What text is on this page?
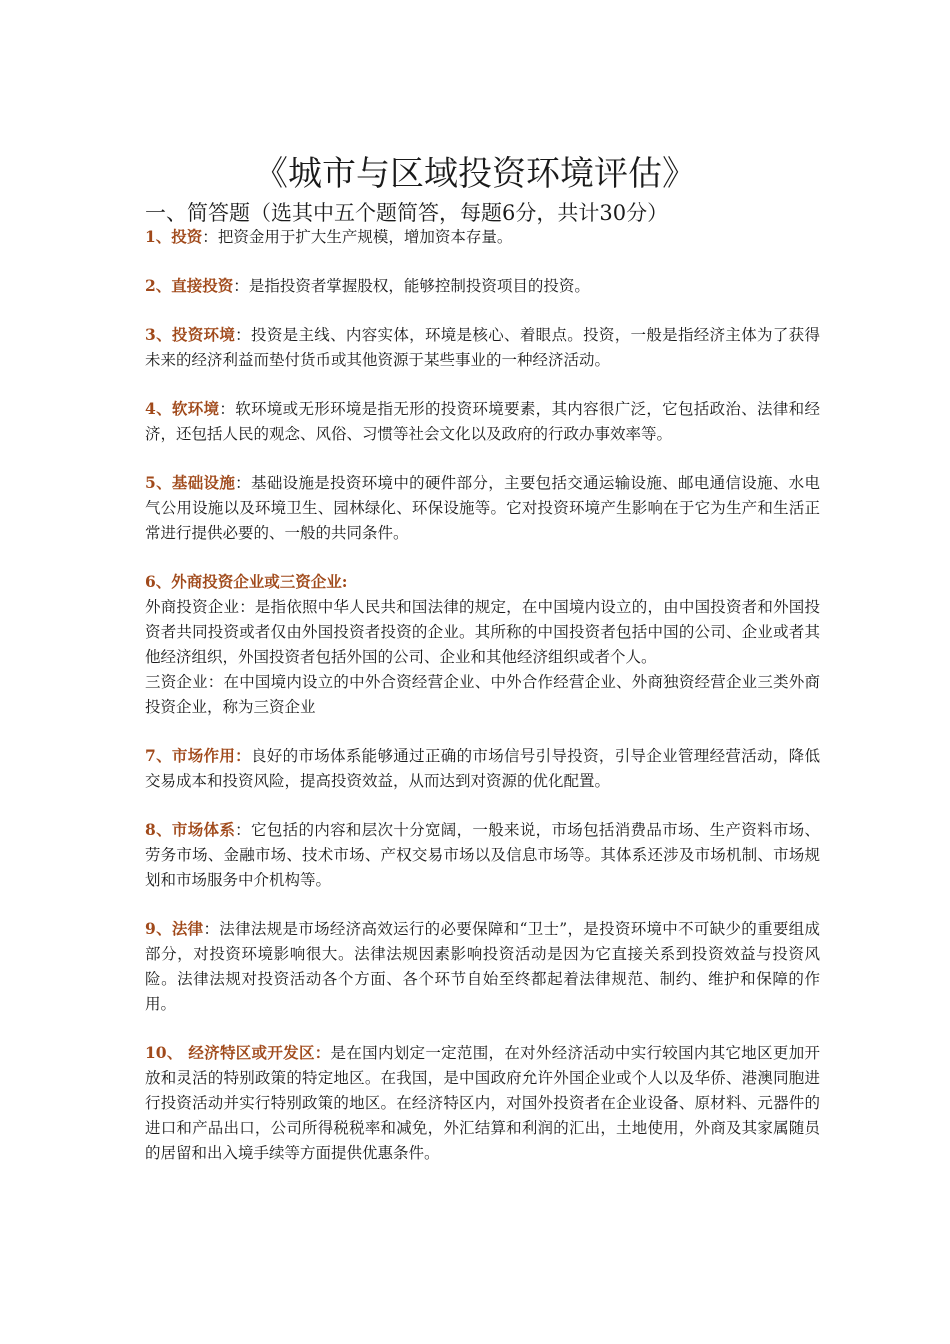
《城市与区域投资环境评估》
一、简答题（选其中五个题简答，每题6分，共计30分）

1、投资：把资金用于扩大生产规模，增加资本存量。

2、直接投资：是指投资者掌握股权，能够控制投资项目的投资。

3、投资环境：投资是主线、内容实体，环境是核心、着眼点。投资，一般是指经济主体为了获得未来的经济利益而垫付货币或其他资源于某些事业的一种经济活动。

4、软环境：软环境或无形环境是指无形的投资环境要素，其内容很广泛，它包括政治、法律和经济，还包括人民的观念、风俗、习惯等社会文化以及政府的行政办事效率等。

5、基础设施：基础设施是投资环境中的硬件部分，主要包括交通运输设施、邮电通信设施、水电气公用设施以及环境卫生、园林绿化、环保设施等。它对投资环境产生影响在于它为生产和生活正常进行提供必要的、一般的共同条件。

6、外商投资企业或三资企业:

外商投资企业：是指依照中华人民共和国法律的规定，在中国境内设立的，由中国投资者和外国投资者共同投资或者仅由外国投资者投资的企业。其所称的中国投资者包括中国的公司、企业或者其他经济组织，外国投资者包括外国的公司、企业和其他经济组织或者个人。

三资企业：在中国境内设立的中外合资经营企业、中外合作经营企业、外商独资经营企业三类外商投资企业，称为三资企业

7、市场作用：良好的市场体系能够通过正确的市场信号引导投资，引导企业管理经营活动，降低交易成本和投资风险，提高投资效益，从而达到对资源的优化配置。

8、市场体系：它包括的内容和层次十分宽阔，一般来说，市场包括消费品市场、生产资料市场、劳务市场、金融市场、技术市场、产权交易市场以及信息市场等。其体系还涉及市场机制、市场规划和市场服务中介机构等。

9、法律：法律法规是市场经济高效运行的必要保障和“卫士”，是投资环境中不可缺少的重要组成部分，对投资环境影响很大。法律法规因素影响投资活动是因为它直接关系到投资效益与投资风险。法律法规对投资活动各个方面、各个环节自始至终都起着法律规范、制约、维护和保障的作用。

10、 经济特区或开发区：是在国内划定一定范围，在对外经济活动中实行较国内其它地区更加开放和灵活的特别政策的特定地区。在我国，是中国政府允许外国企业或个人以及华侨、港澳同胞进行投资活动并实行特别政策的地区。在经济特区内，对国外投资者在企业设备、原材料、元器件的进口和产品出口，公司所得税税率和减免，外汇结算和利润的汇出，土地使用，外商及其家属随员的居留和出入境手续等方面提供优惠条件。
